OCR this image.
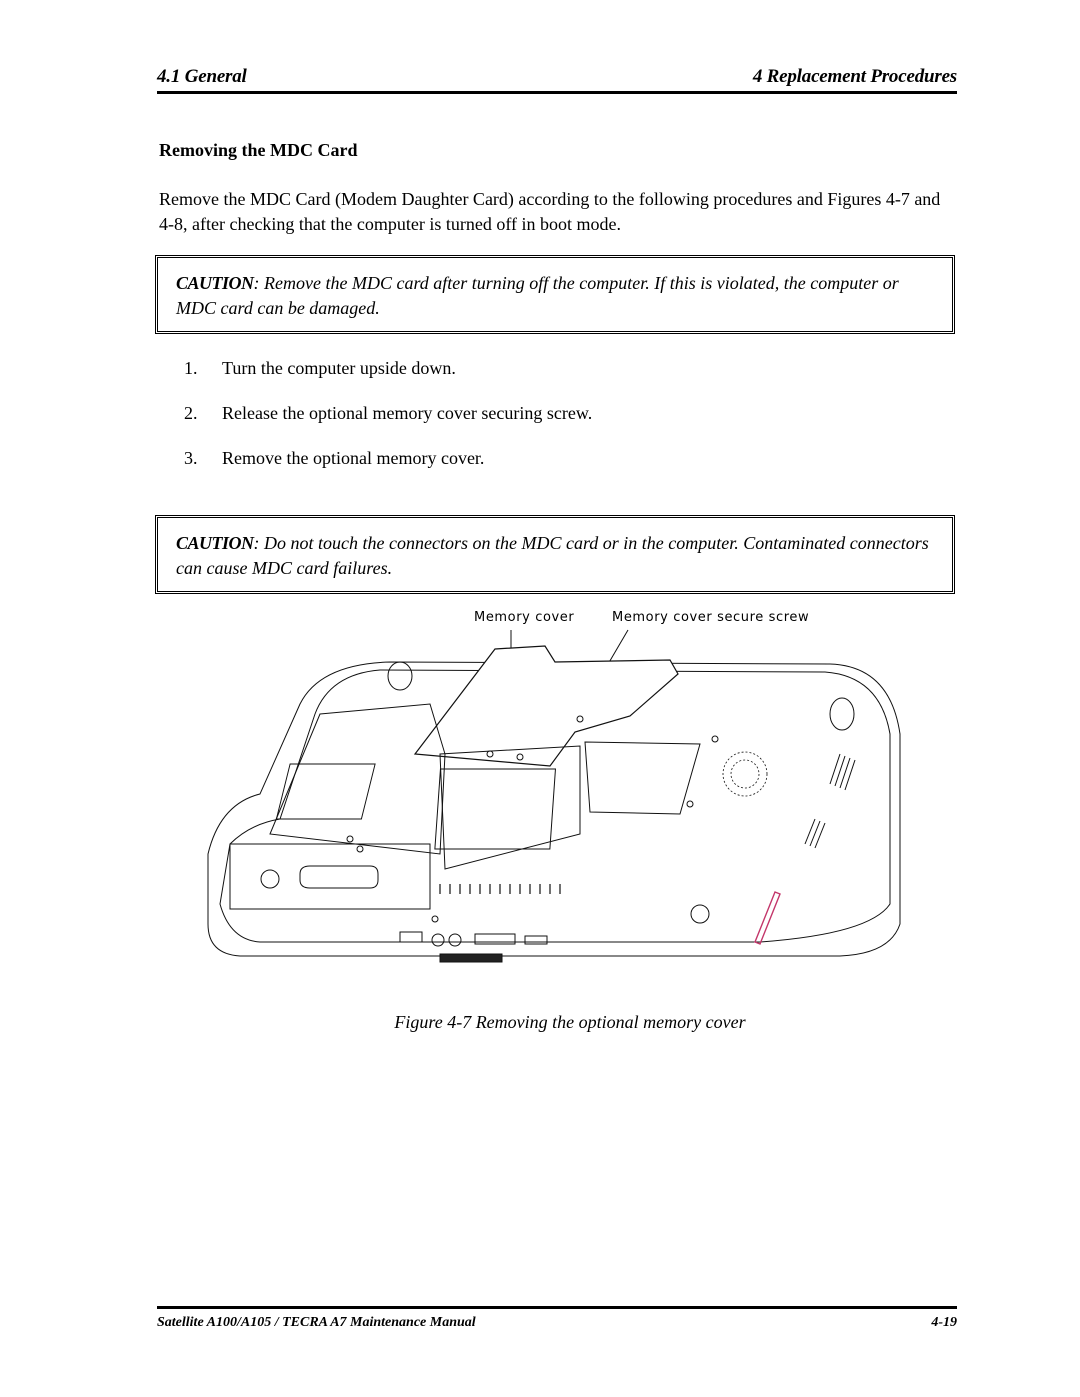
4.1 General	4 Replacement Procedures
Removing the MDC Card
Remove the MDC Card (Modem Daughter Card) according to the following procedures and Figures 4-7 and 4-8, after checking that the computer is turned off in boot mode.
CAUTION: Remove the MDC card after turning off the computer. If this is violated, the computer or MDC card can be damaged.
1.	Turn the computer upside down.
2.	Release the optional memory cover securing screw.
3.	Remove the optional memory cover.
CAUTION: Do not touch the connectors on the MDC card or in the computer. Contaminated connectors can cause MDC card failures.
Memory cover	Memory cover secure screw
Figure 4-7 Removing the optional memory cover
Satellite A100/A105 / TECRA A7 Maintenance Manual	4-19
